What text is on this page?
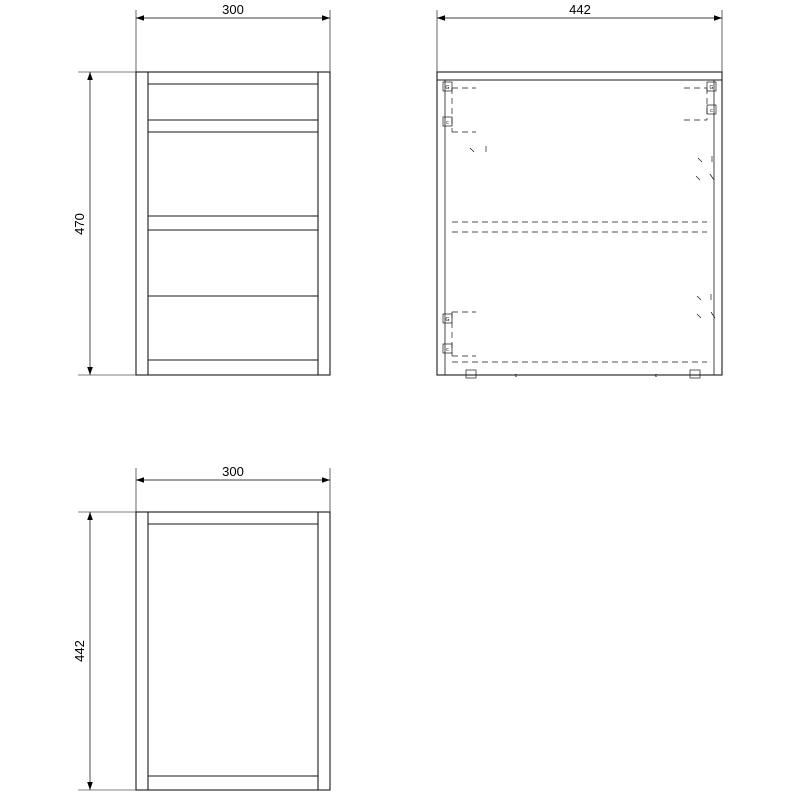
300
470
442
G
c
G
c
G
c
c	c
300
442
